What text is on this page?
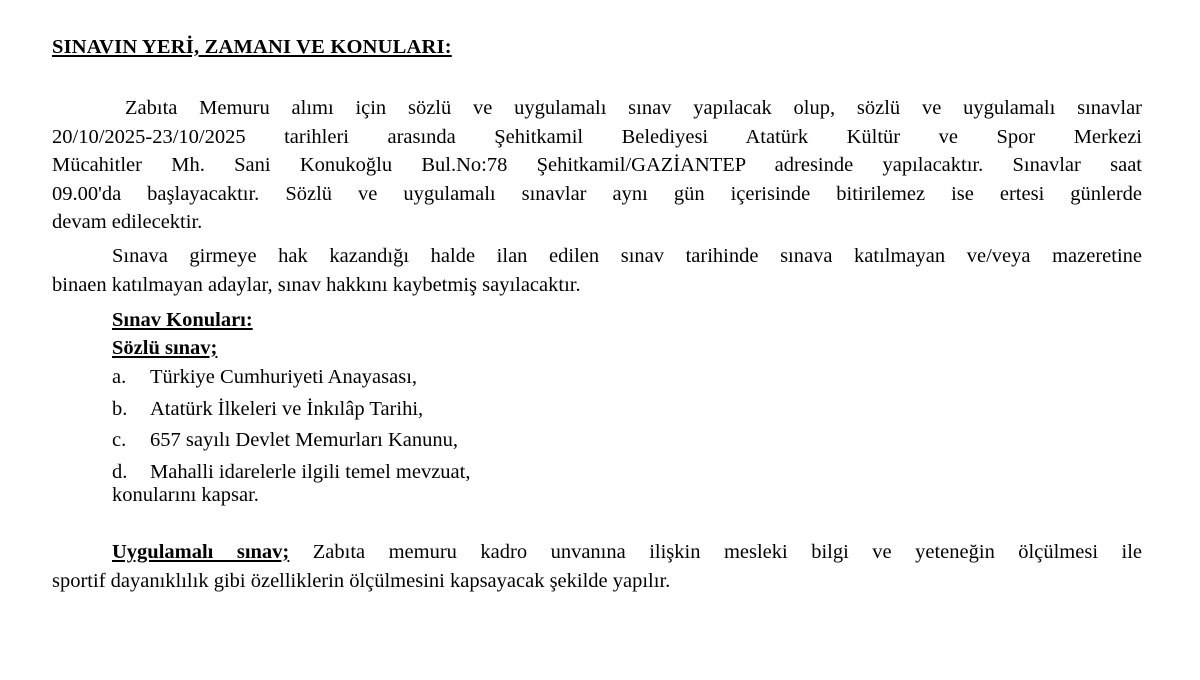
SINAVIN YERİ, ZAMANI VE KONULARI:

Zabıta Memuru alımı için sözlü ve uygulamalı sınav yapılacak olup, sözlü ve uygulamalı sınavlar
20/10/2025-23/10/2025 tarihleri arasında Şehitkamil Belediyesi Atatürk Kültür ve Spor Merkezi
Mücahitler Mh. Sani Konukoğlu Bul.No:78 Şehitkamil/GAZİANTEP adresinde yapılacaktır. Sınavlar saat
09.00'da başlayacaktır. Sözlü ve uygulamalı sınavlar aynı gün içerisinde bitirilemez ise ertesi günlerde
devam edilecektir.

Sınava girmeye hak kazandığı halde ilan edilen sınav tarihinde sınava katılmayan ve/veya mazeretine
binaen katılmayan adaylar, sınav hakkını kaybetmiş sayılacaktır.

Sınav Konuları:
Sözlü sınav;
a. Türkiye Cumhuriyeti Anayasası,
b. Atatürk İlkeleri ve İnkılâp Tarihi,
c. 657 sayılı Devlet Memurları Kanunu,
d. Mahalli idarelerle ilgili temel mevzuat,
konularını kapsar.

Uygulamalı sınav; Zabıta memuru kadro unvanına ilişkin mesleki bilgi ve yeteneğin ölçülmesi ile
sportif dayanıklılık gibi özelliklerin ölçülmesini kapsayacak şekilde yapılır.
